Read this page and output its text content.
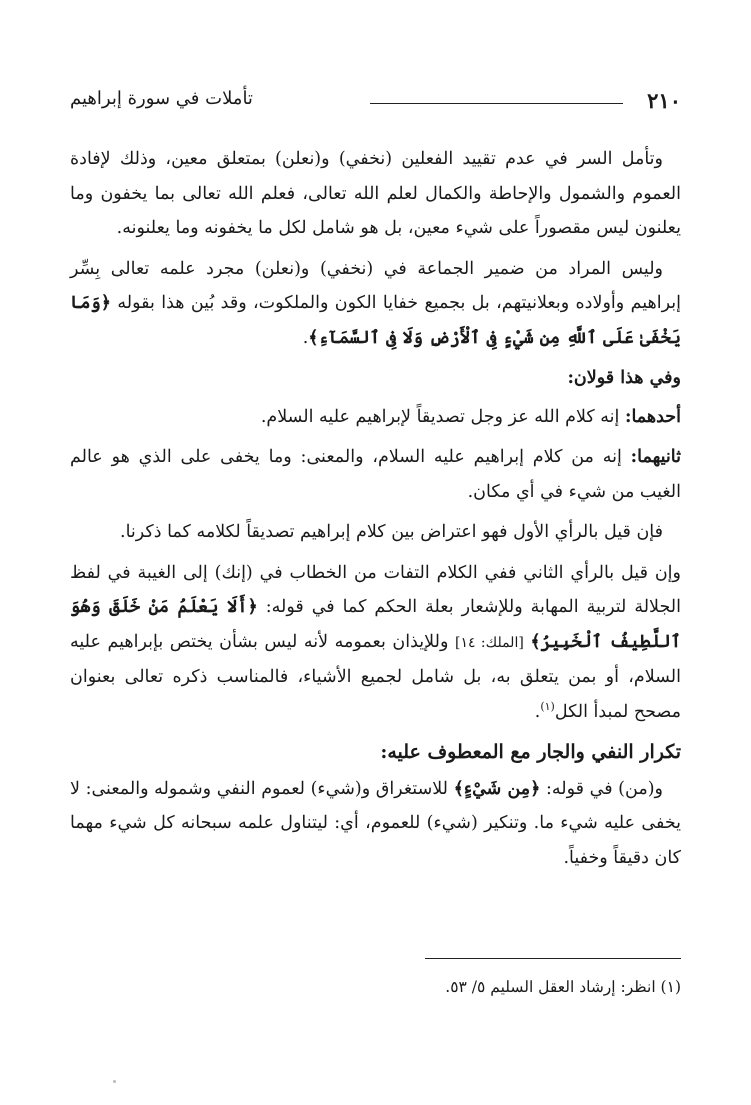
٢١٠
تأملات في سورة إبراهيم

وتأمل السر في عدم تقييد الفعلين (نخفي) و(نعلن) بمتعلق معين، وذلك لإفادة العموم والشمول والإحاطة والكمال لعلم الله تعالى، فعلم الله تعالى بما يخفون وما يعلنون ليس مقصوراً على شيء معين، بل هو شامل لكل ما يخفونه وما يعلنونه.

وليس المراد من ضمير الجماعة في (نخفي) و(نعلن) مجرد علمه تعالى بِسِّر إبراهيم وأولاده وبعلانيتهم، بل بجميع خفايا الكون والملكوت، وقد بُين هذا بقوله ﴿وَمَا يَخْفَىٰ عَلَى ٱللَّهِ مِن شَيْءٍ فِى ٱلْأَرْضِ وَلَا فِى ٱلسَّمَآءِ﴾.

وفي هذا قولان:

أحدهما: إنه كلام الله عز وجل تصديقاً لإبراهيم عليه السلام.

ثانيهما: إنه من كلام إبراهيم عليه السلام، والمعنى: وما يخفى على الذي هو عالم الغيب من شيء في أي مكان.

فإن قيل بالرأي الأول فهو اعتراض بين كلام إبراهيم تصديقاً لكلامه كما ذكرنا.

وإن قيل بالرأي الثاني ففي الكلام التفات من الخطاب في (إنك) إلى الغيبة في لفظ الجلالة لتربية المهابة وللإشعار بعلة الحكم كما في قوله: ﴿أَلَا يَعْلَمُ مَنْ خَلَقَ وَهُوَ ٱللَّطِيفُ ٱلْخَبِيرُ﴾ [الملك: ١٤] وللإيذان بعمومه لأنه ليس بشأن يختص بإبراهيم عليه السلام، أو بمن يتعلق به، بل شامل لجميع الأشياء، فالمناسب ذكره تعالى بعنوان مصحح لمبدأ الكل$^{(١)}$.

تكرار النفي والجار مع المعطوف عليه:

و(من) في قوله: ﴿مِن شَيْءٍ﴾ للاستغراق و(شيء) لعموم النفي وشموله والمعنى: لا يخفى عليه شيء ما. وتنكير (شيء) للعموم، أي: ليتناول علمه سبحانه كل شيء مهما كان دقيقاً وخفياً.

(١) انظر: إرشاد العقل السليم ٥/ ٥٣.
